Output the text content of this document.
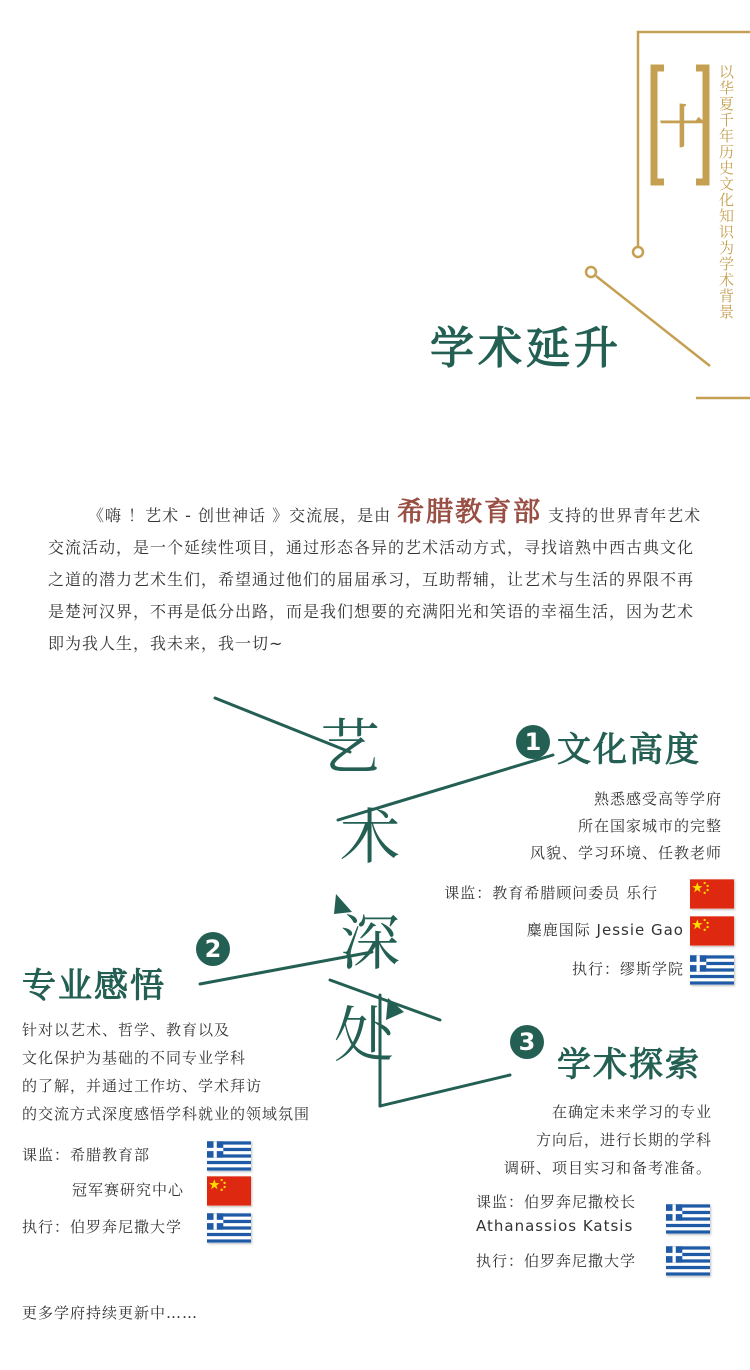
十	以华夏千年历史文化知识为学术背景
学术延升
《嗨 ！艺术 - 创世神话 》交流展，是由 希腊教育部 支持的世界青年艺术交流活动，是一个延续性项目，通过形态各异的艺术活动方式，寻找谙熟中西古典文化之道的潜力艺术生们，希望通过他们的届届承习，互助帮辅，让艺术与生活的界限不再是楚河汉界，不再是低分出路，而是我们想要的充满阳光和笑语的幸福生活，因为艺术即为我人生，我未来，我一切~
艺
术
深
处
1 文化高度
熟悉感受高等学府
所在国家城市的完整
风貌、学习环境、任教老师
课监：教育希腊顾问委员 乐行
麋鹿国际 Jessie Gao
执行：缪斯学院
2
专业感悟
针对以艺术、哲学、教育以及
文化保护为基础的不同专业学科
的了解，并通过工作坊、学术拜访
的交流方式深度感悟学科就业的领域氛围
课监：希腊教育部
冠军赛研究中心
执行：伯罗奔尼撒大学
3
学术探索
在确定未来学习的专业
方向后，进行长期的学科
调研、项目实习和备考准备。
课监：伯罗奔尼撒校长
Athanassios Katsis
执行：伯罗奔尼撒大学
更多学府持续更新中……
